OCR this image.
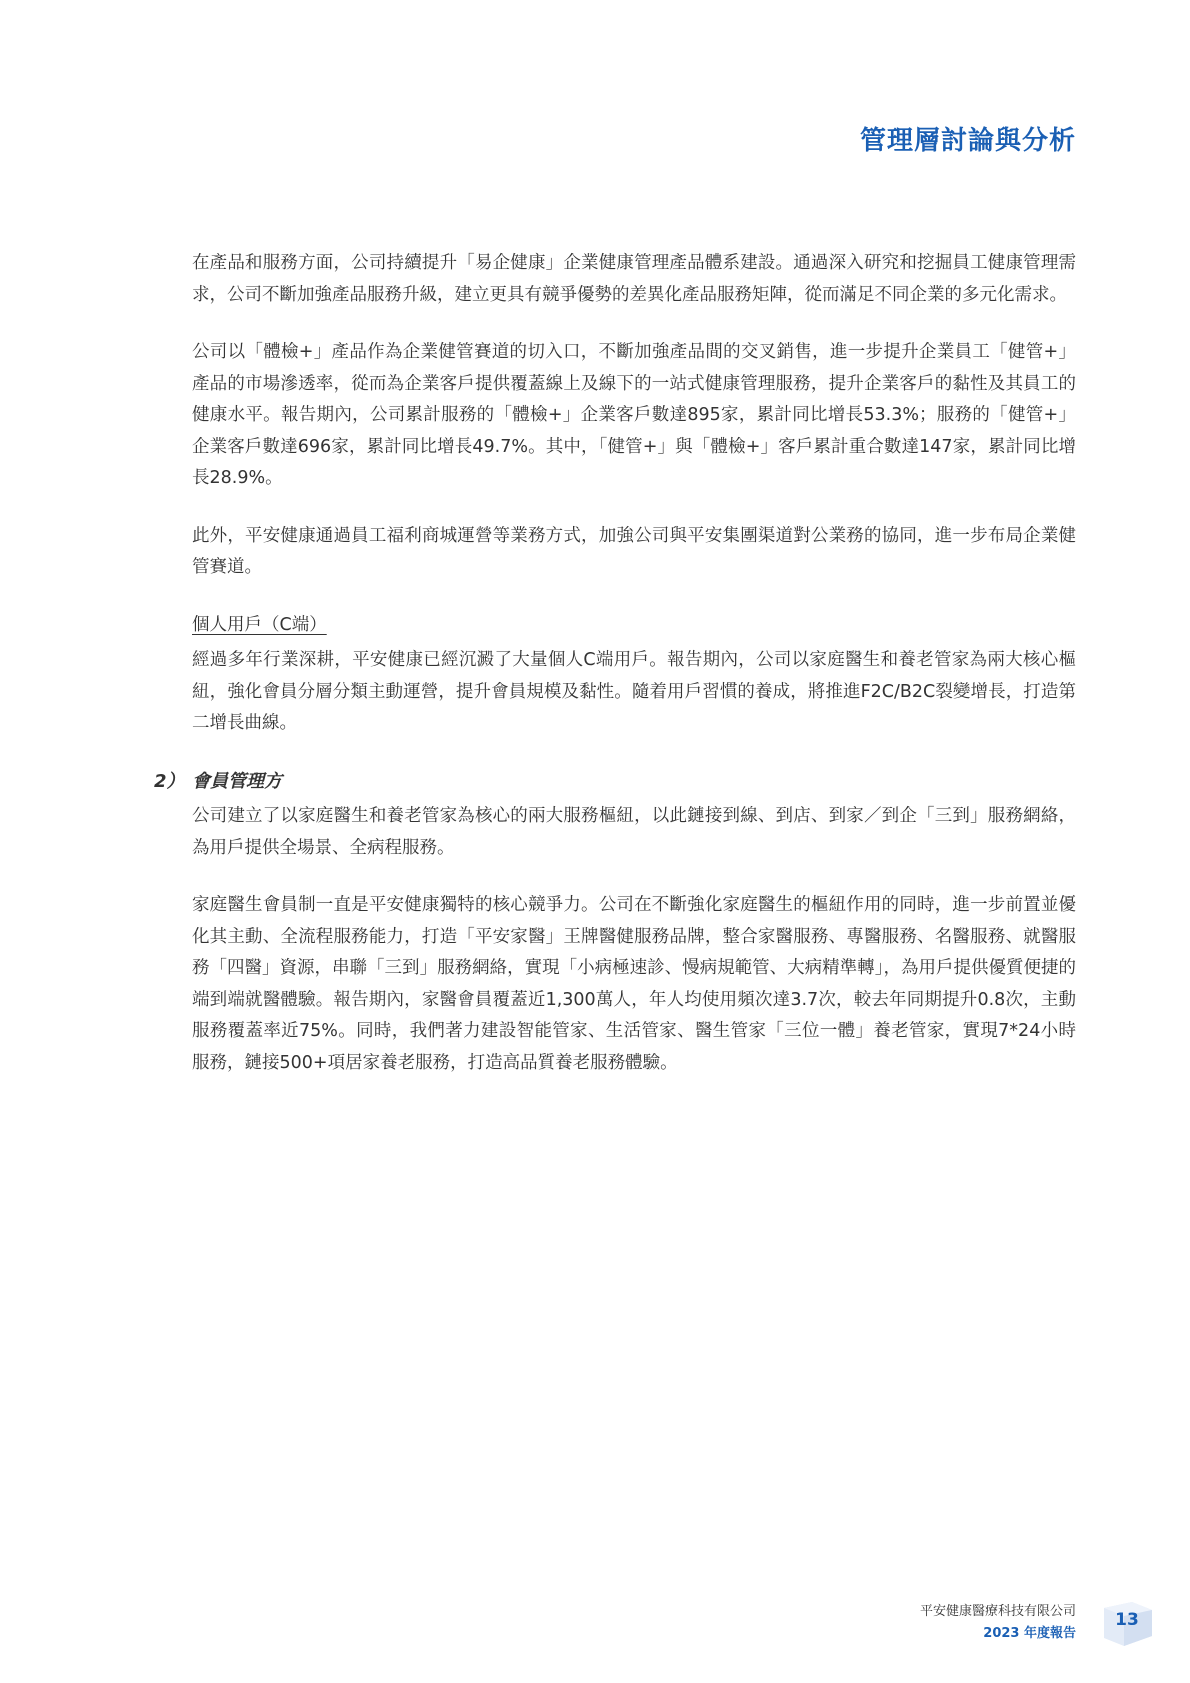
管理層討論與分析

在產品和服務方面，公司持續提升「易企健康」企業健康管理產品體系建設。通過深入研究和挖掘員工健康管理需求，公司不斷加強產品服務升級，建立更具有競爭優勢的差異化產品服務矩陣，從而滿足不同企業的多元化需求。

公司以「體檢+」產品作為企業健管賽道的切入口，不斷加強產品間的交叉銷售，進一步提升企業員工「健管+」產品的市場滲透率，從而為企業客戶提供覆蓋線上及線下的一站式健康管理服務，提升企業客戶的黏性及其員工的健康水平。報告期內，公司累計服務的「體檢+」企業客戶數達895家，累計同比增長53.3%；服務的「健管+」企業客戶數達696家，累計同比增長49.7%。其中，「健管+」與「體檢+」客戶累計重合數達147家，累計同比增長28.9%。

此外，平安健康通過員工福利商城運營等業務方式，加強公司與平安集團渠道對公業務的協同，進一步布局企業健管賽道。

個人用戶（C端）

經過多年行業深耕，平安健康已經沉澱了大量個人C端用戶。報告期內，公司以家庭醫生和養老管家為兩大核心樞紐，強化會員分層分類主動運營，提升會員規模及黏性。隨着用戶習慣的養成，將推進F2C/B2C裂變增長，打造第二增長曲線。

2） 會員管理方

公司建立了以家庭醫生和養老管家為核心的兩大服務樞紐，以此鏈接到線、到店、到家／到企「三到」服務網絡，為用戶提供全場景、全病程服務。

家庭醫生會員制一直是平安健康獨特的核心競爭力。公司在不斷強化家庭醫生的樞紐作用的同時，進一步前置並優化其主動、全流程服務能力，打造「平安家醫」王牌醫健服務品牌，整合家醫服務、專醫服務、名醫服務、就醫服務「四醫」資源，串聯「三到」服務網絡，實現「小病極速診、慢病規範管、大病精準轉」，為用戶提供優質便捷的端到端就醫體驗。報告期內，家醫會員覆蓋近1,300萬人，年人均使用頻次達3.7次，較去年同期提升0.8次，主動服務覆蓋率近75%。同時，我們著力建設智能管家、生活管家、醫生管家「三位一體」養老管家，實現7*24小時服務，鏈接500+項居家養老服務，打造高品質養老服務體驗。

平安健康醫療科技有限公司

2023 年度報告

13
